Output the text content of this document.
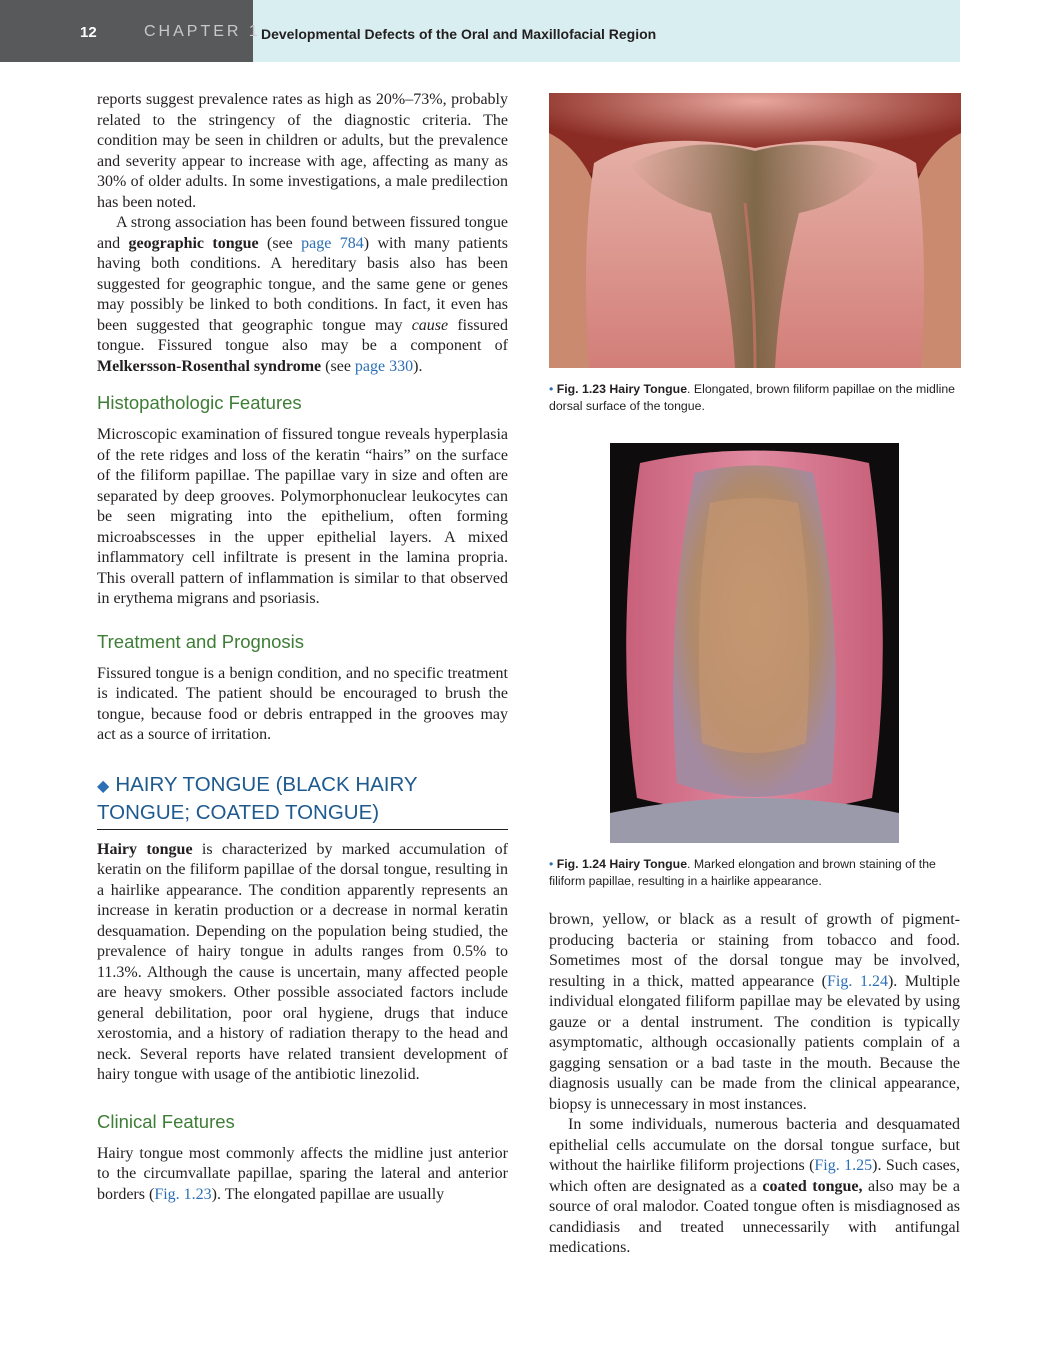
12	CHAPTER 1 Developmental Defects of the Oral and Maxillofacial Region

reports suggest prevalence rates as high as 20%–73%, probably related to the stringency of the diagnostic criteria. The condition may be seen in children or adults, but the prevalence and severity appear to increase with age, affecting as many as 30% of older adults. In some investigations, a male predilection has been noted.

A strong association has been found between fissured tongue and geographic tongue (see page 784) with many patients having both conditions. A hereditary basis also has been suggested for geographic tongue, and the same gene or genes may possibly be linked to both conditions. In fact, it even has been suggested that geographic tongue may cause fissured tongue. Fissured tongue also may be a component of Melkersson-Rosenthal syndrome (see page 330).

Histopathologic Features

Microscopic examination of fissured tongue reveals hyperplasia of the rete ridges and loss of the keratin “hairs” on the surface of the filiform papillae. The papillae vary in size and often are separated by deep grooves. Polymorphonuclear leukocytes can be seen migrating into the epithelium, often forming microabscesses in the upper epithelial layers. A mixed inflammatory cell infiltrate is present in the lamina propria. This overall pattern of inflammation is similar to that observed in erythema migrans and psoriasis.

Treatment and Prognosis

Fissured tongue is a benign condition, and no specific treatment is indicated. The patient should be encouraged to brush the tongue, because food or debris entrapped in the grooves may act as a source of irritation.

◆ HAIRY TONGUE (BLACK HAIRY TONGUE; COATED TONGUE)

Hairy tongue is characterized by marked accumulation of keratin on the filiform papillae of the dorsal tongue, resulting in a hairlike appearance. The condition apparently represents an increase in keratin production or a decrease in normal keratin desquamation. Depending on the population being studied, the prevalence of hairy tongue in adults ranges from 0.5% to 11.3%. Although the cause is uncertain, many affected people are heavy smokers. Other possible associated factors include general debilitation, poor oral hygiene, drugs that induce xerostomia, and a history of radiation therapy to the head and neck. Several reports have related transient development of hairy tongue with usage of the antibiotic linezolid.

Clinical Features

Hairy tongue most commonly affects the midline just anterior to the circumvallate papillae, sparing the lateral and anterior borders (Fig. 1.23). The elongated papillae are usually

• Fig. 1.23 Hairy Tongue. Elongated, brown filiform papillae on the midline dorsal surface of the tongue.
• Fig. 1.24 Hairy Tongue. Marked elongation and brown staining of the filiform papillae, resulting in a hairlike appearance.

brown, yellow, or black as a result of growth of pigment-producing bacteria or staining from tobacco and food. Sometimes most of the dorsal tongue may be involved, resulting in a thick, matted appearance (Fig. 1.24). Multiple individual elongated filiform papillae may be elevated by using gauze or a dental instrument. The condition is typically asymptomatic, although occasionally patients complain of a gagging sensation or a bad taste in the mouth. Because the diagnosis usually can be made from the clinical appearance, biopsy is unnecessary in most instances.

In some individuals, numerous bacteria and desquamated epithelial cells accumulate on the dorsal tongue surface, but without the hairlike filiform projections (Fig. 1.25). Such cases, which often are designated as a coated tongue, also may be a source of oral malodor. Coated tongue often is misdiagnosed as candidiasis and treated unnecessarily with antifungal medications.
